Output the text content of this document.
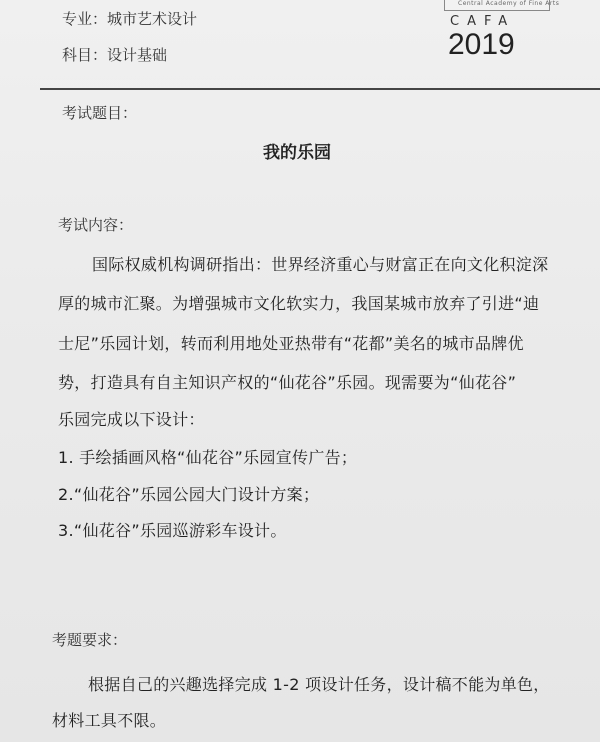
专业：城市艺术设计
科目：设计基础
Central Academy of Fine Arts
CAFA
2019
考试题目：
我的乐园
考试内容：
国际权威机构调研指出：世界经济重心与财富正在向文化积淀深
厚的城市汇聚。为增强城市文化软实力，我国某城市放弃了引进“迪
士尼”乐园计划，转而利用地处亚热带有“花都”美名的城市品牌优
势，打造具有自主知识产权的“仙花谷”乐园。现需要为“仙花谷”
乐园完成以下设计：
1. 手绘插画风格“仙花谷”乐园宣传广告；
2.“仙花谷”乐园公园大门设计方案；
3.“仙花谷”乐园巡游彩车设计。
考题要求：
根据自己的兴趣选择完成 1-2 项设计任务，设计稿不能为单色，
材料工具不限。
